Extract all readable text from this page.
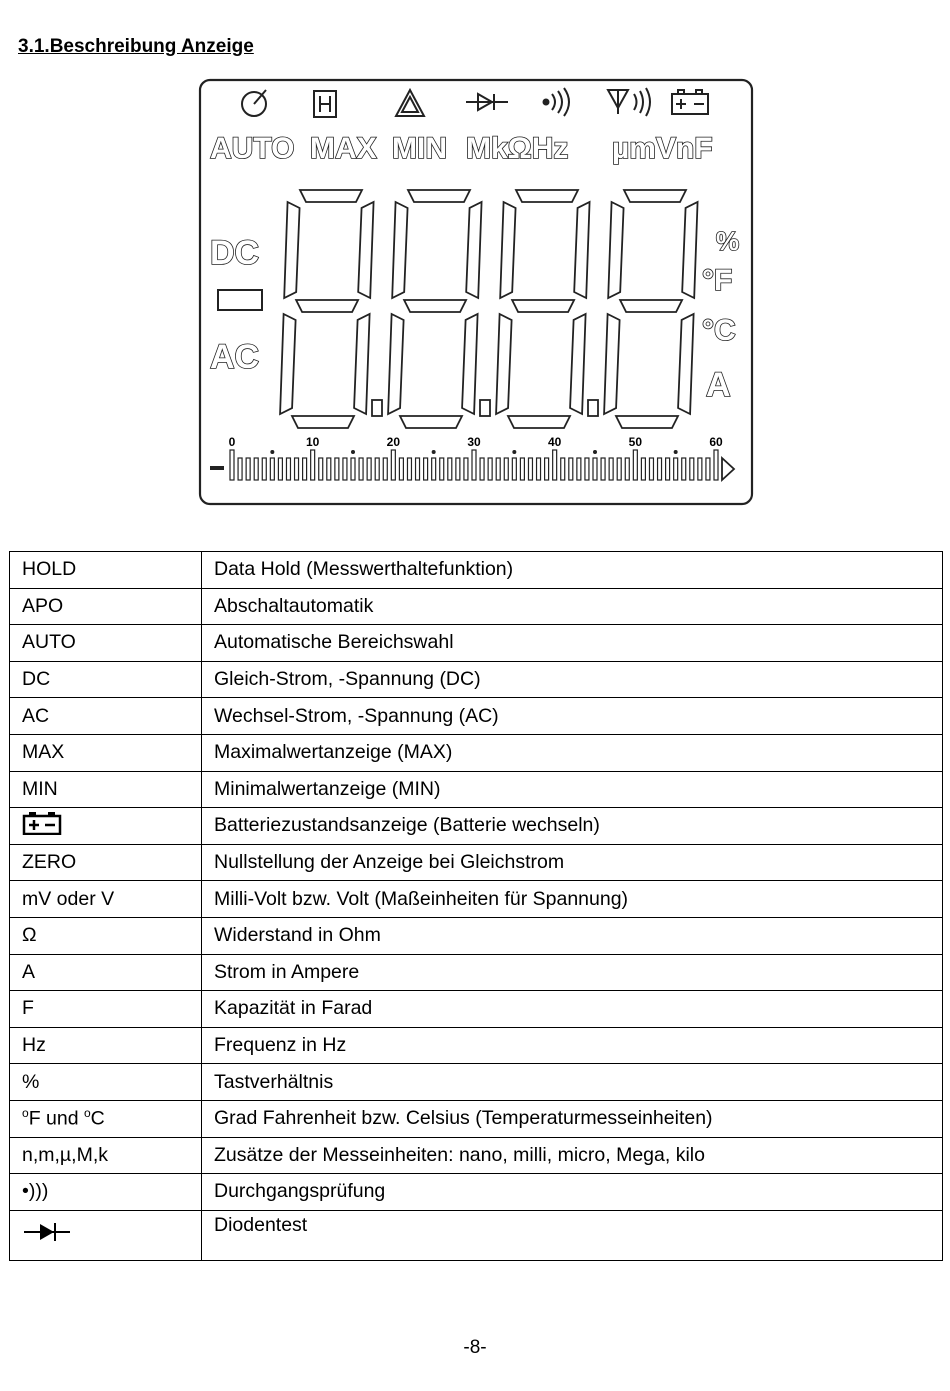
3.1.Beschreibung Anzeige
AUTO MAX MIN MkΩHz µmVnF
DC
AC
%
°F
°C
A
0	10	20	30	40	50	60
HOLD	Data Hold (Messwerthaltefunktion)
APO	Abschaltautomatik
AUTO	Automatische Bereichswahl
DC	Gleich-Strom, -Spannung (DC)
AC	Wechsel-Strom, -Spannung (AC)
MAX	Maximalwertanzeige (MAX)
MIN	Minimalwertanzeige (MIN)
	Batteriezustandsanzeige (Batterie wechseln)
ZERO	Nullstellung der Anzeige bei Gleichstrom
mV oder V	Milli-Volt bzw. Volt (Maßeinheiten für Spannung)
Ω	Widerstand in Ohm
A	Strom in Ampere
F	Kapazität in Farad
Hz	Frequenz in Hz
%	Tastverhältnis
$^o$F und $^o$C	Grad Fahrenheit bzw. Celsius (Temperaturmesseinheiten)
n,m,µ,M,k	Zusätze der Messeinheiten: nano, milli, micro, Mega, kilo
•)))	Durchgangsprüfung
	Diodentest
-8-
